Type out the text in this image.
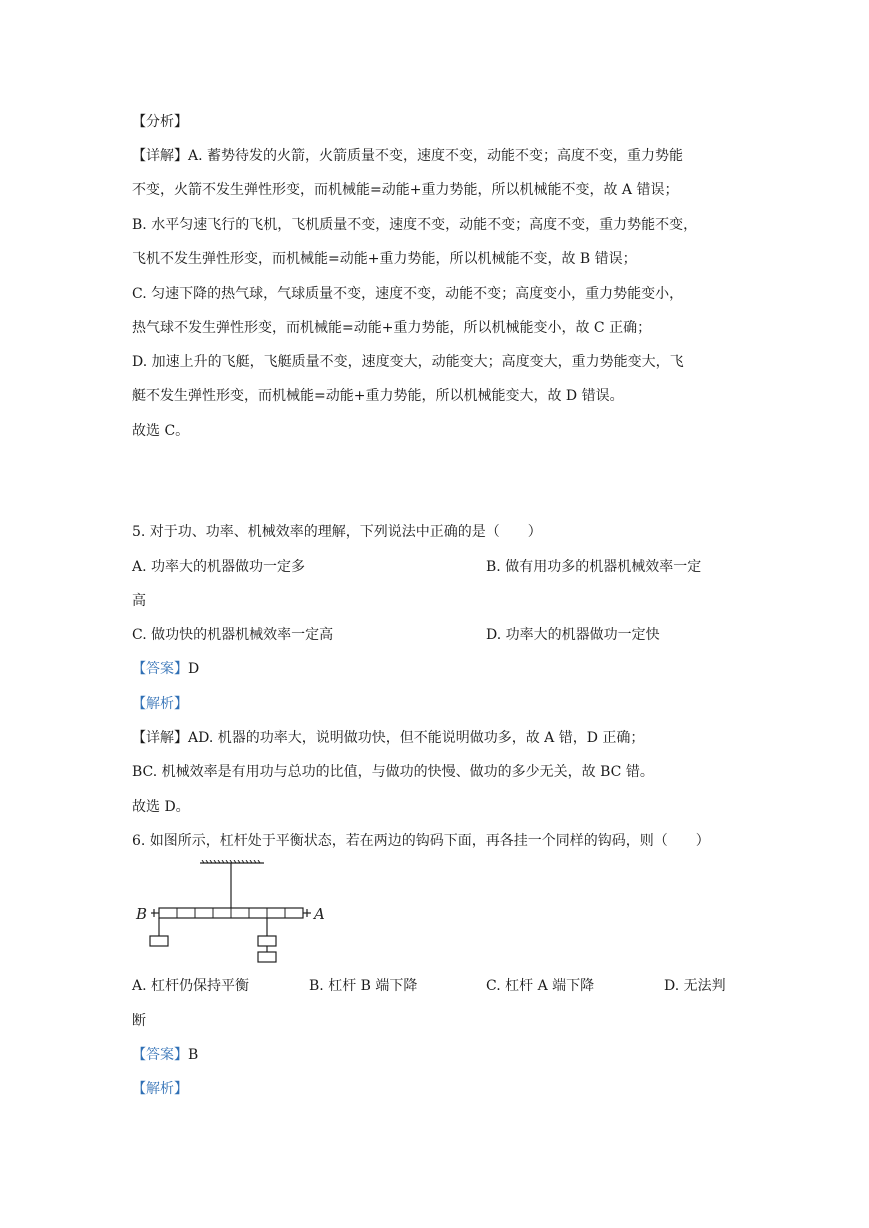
【分析】
【详解】A. 蓄势待发的火箭，火箭质量不变，速度不变，动能不变；高度不变，重力势能
不变，火箭不发生弹性形变，而机械能=动能+重力势能，所以机械能不变，故 A 错误；
B. 水平匀速飞行的飞机，飞机质量不变，速度不变，动能不变；高度不变，重力势能不变，
飞机不发生弹性形变，而机械能=动能+重力势能，所以机械能不变，故 B 错误；
C. 匀速下降的热气球，气球质量不变，速度不变，动能不变；高度变小，重力势能变小，
热气球不发生弹性形变，而机械能=动能+重力势能，所以机械能变小，故 C 正确；
D. 加速上升的飞艇，飞艇质量不变，速度变大，动能变大；高度变大，重力势能变大，飞
艇不发生弹性形变，而机械能=动能+重力势能，所以机械能变大，故 D 错误。
故选 C。
5. 对于功、功率、机械效率的理解，下列说法中正确的是（　　）
A. 功率大的机器做功一定多	B. 做有用功多的机器机械效率一定
高
C. 做功快的机器机械效率一定高	D. 功率大的机器做功一定快
【答案】D
【解析】
【详解】AD. 机器的功率大，说明做功快，但不能说明做功多，故 A 错，D 正确；
BC. 机械效率是有用功与总功的比值，与做功的快慢、做功的多少无关，故 BC 错。
故选 D。
6. 如图所示，杠杆处于平衡状态，若在两边的钩码下面，再各挂一个同样的钩码，则（　　）
B	A
A. 杠杆仍保持平衡	B. 杠杆 B 端下降	C. 杠杆 A 端下降	D. 无法判
断
【答案】B
【解析】
